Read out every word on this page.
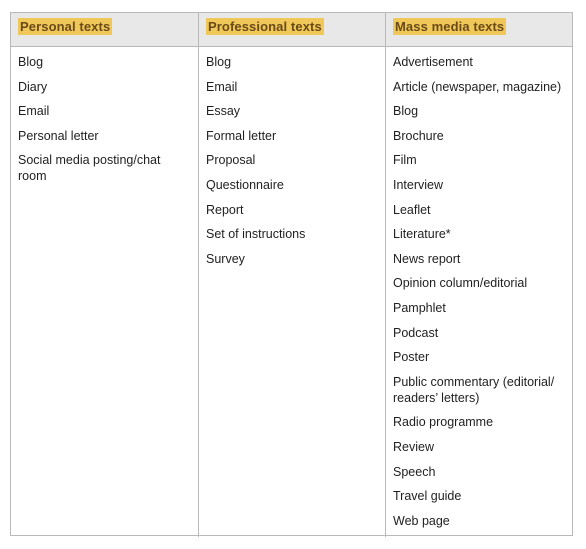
Personal texts	Professional texts	Mass media texts
Blog
Diary
Email
Personal letter
Social media posting/chat room
Blog
Email
Essay
Formal letter
Proposal
Questionnaire
Report
Set of instructions
Survey
Advertisement
Article (newspaper, magazine)
Blog
Brochure
Film
Interview
Leaflet
Literature*
News report
Opinion column/editorial
Pamphlet
Podcast
Poster
Public commentary (editorial/ readers’ letters)
Radio programme
Review
Speech
Travel guide
Web page
